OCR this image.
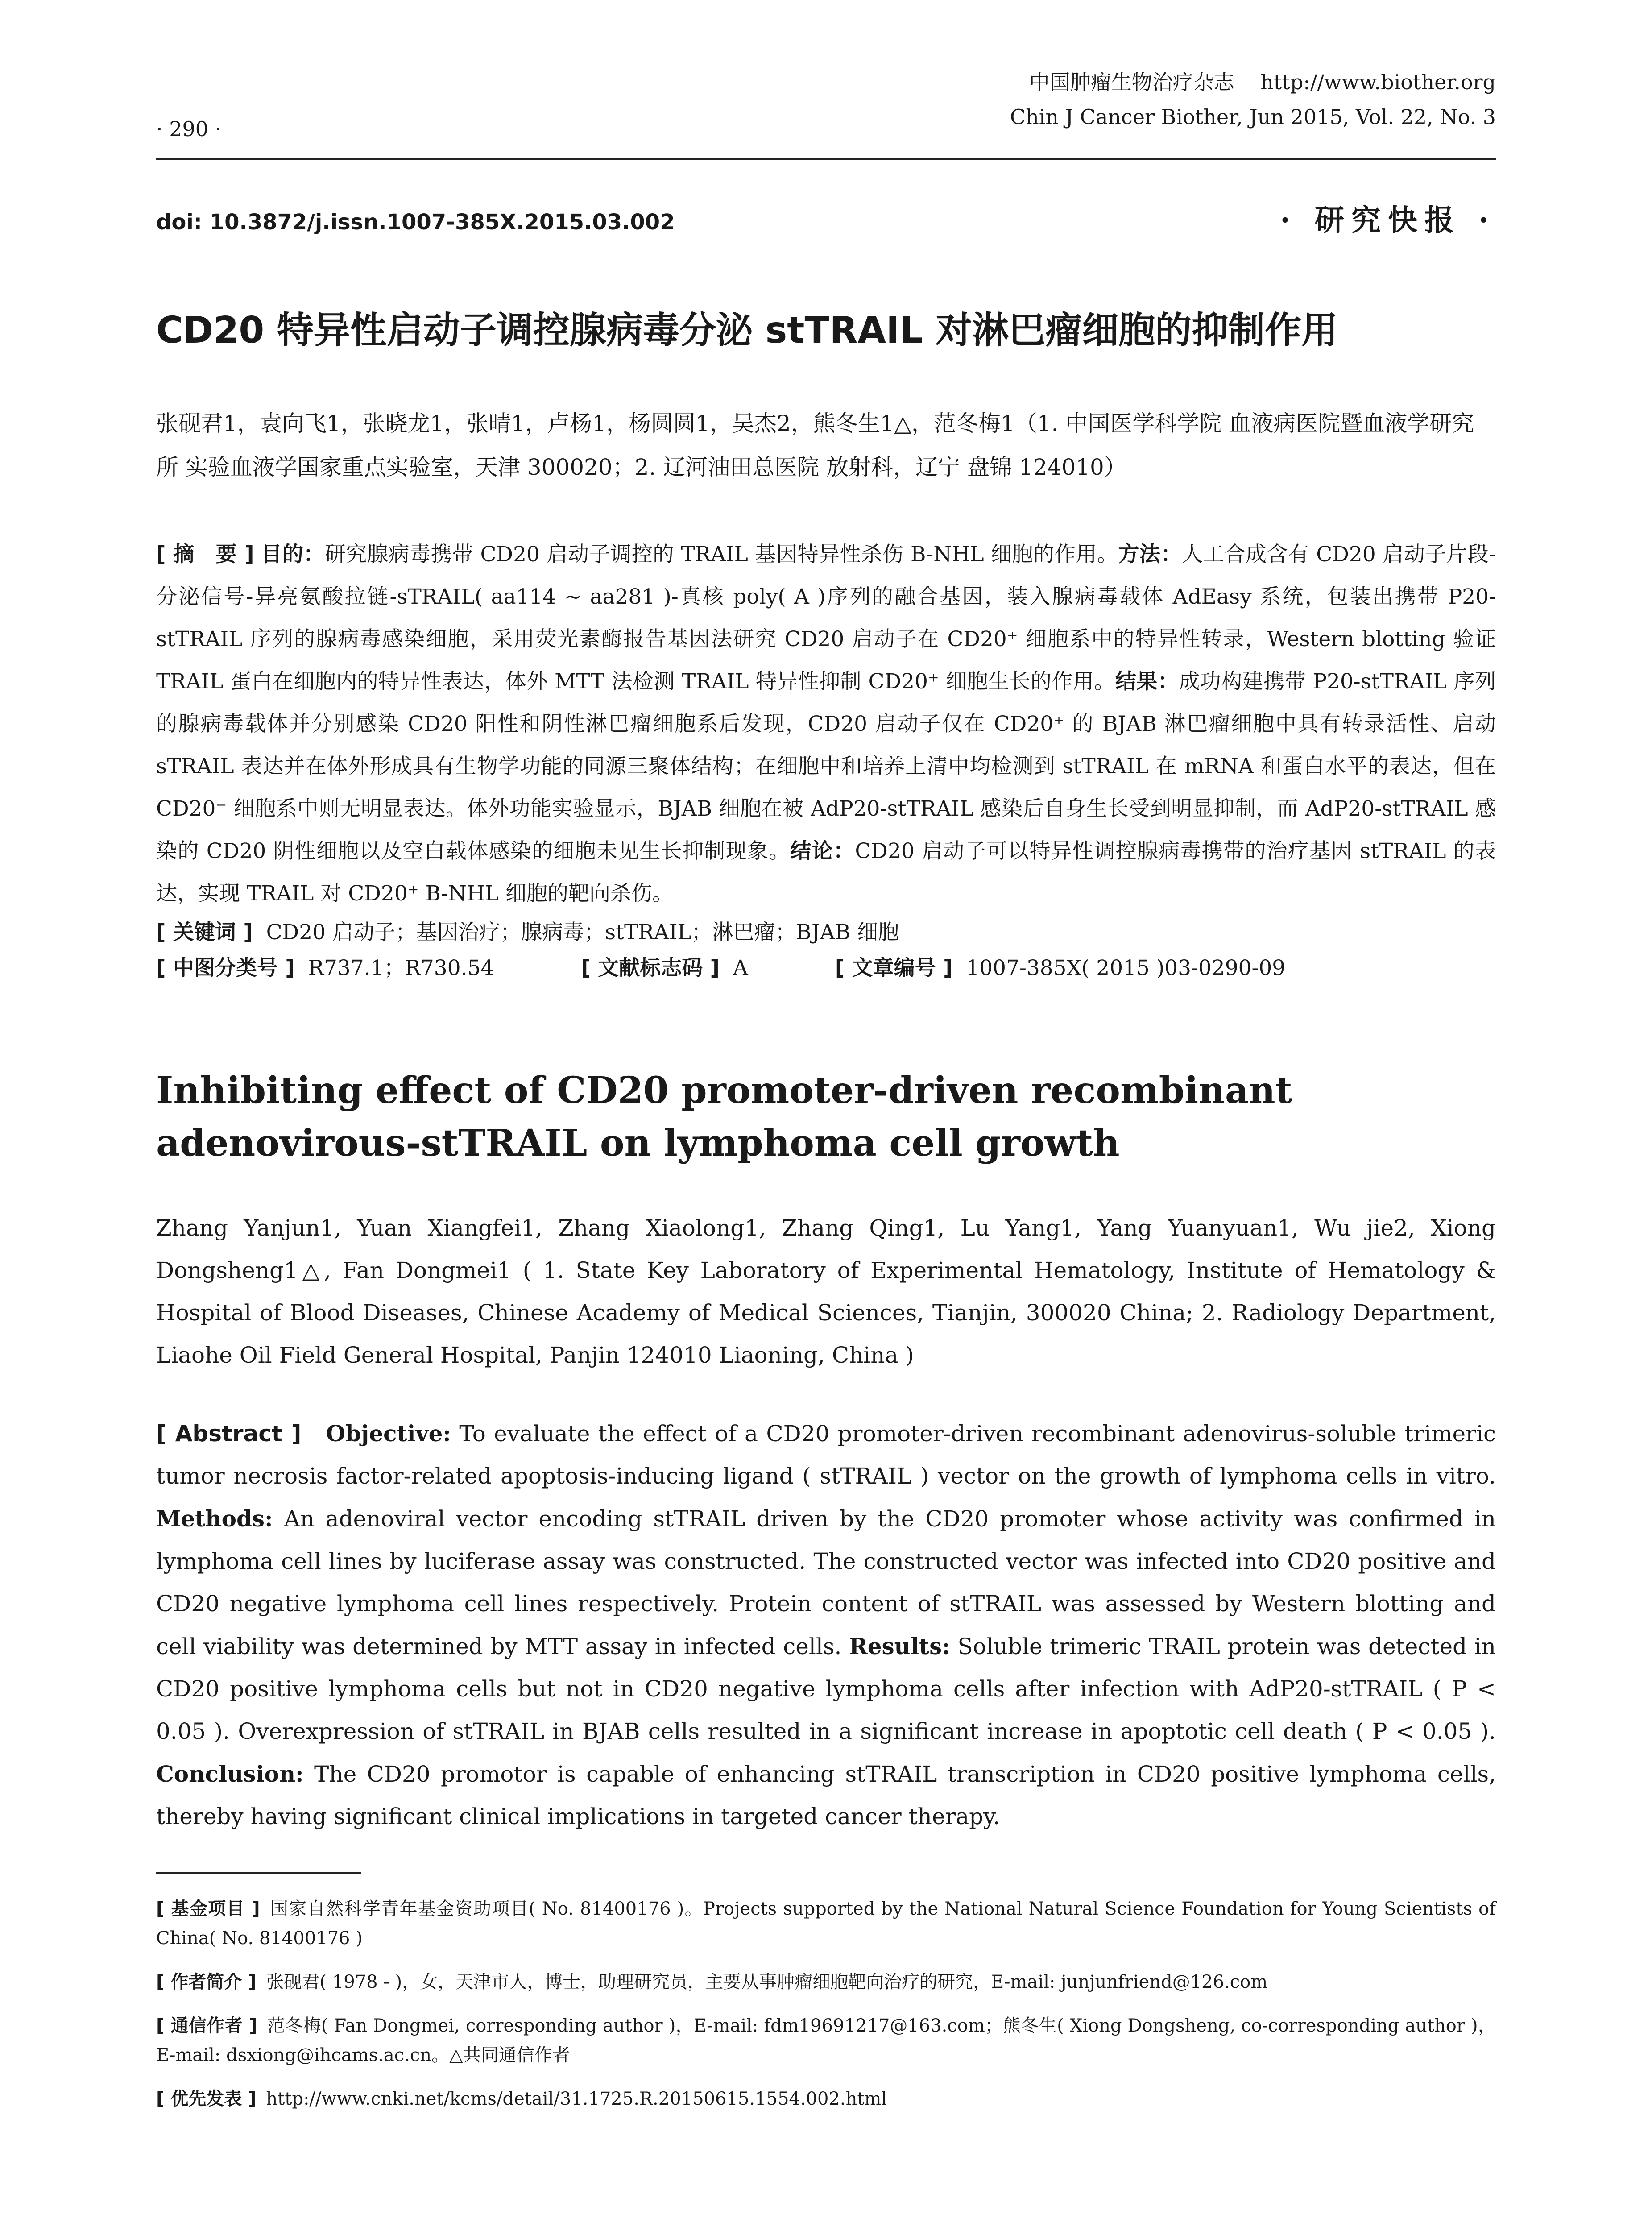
中国肿瘤生物治疗杂志 http://www.biother.org
Chin J Cancer Biother, Jun 2015, Vol. 22, No. 3
· 290 ·
doi: 10.3872/j.issn.1007-385X.2015.03.002	· 研究快报 ·
CD20 特异性启动子调控腺病毒分泌 stTRAIL 对淋巴瘤细胞的抑制作用
张砚君1，袁向飞1，张晓龙1，张晴1，卢杨1，杨圆圆1，吴杰2，熊冬生1△，范冬梅1（1. 中国医学科学院 血液病医院暨血液学研究所 实验血液学国家重点实验室，天津 300020；2. 辽河油田总医院 放射科，辽宁 盘锦 124010）

[ 摘　要 ] 目的：研究腺病毒携带 CD20 启动子调控的 TRAIL 基因特异性杀伤 B-NHL 细胞的作用。方法：人工合成含有 CD20 启动子片段-分泌信号-异亮氨酸拉链-sTRAIL( aa114 ~ aa281 )-真核 poly( A )序列的融合基因，装入腺病毒载体 AdEasy 系统，包装出携带 P20-stTRAIL 序列的腺病毒感染细胞，采用荧光素酶报告基因法研究 CD20 启动子在 CD20⁺ 细胞系中的特异性转录，Western blotting 验证 TRAIL 蛋白在细胞内的特异性表达，体外 MTT 法检测 TRAIL 特异性抑制 CD20⁺ 细胞生长的作用。结果：成功构建携带 P20-stTRAIL 序列的腺病毒载体并分别感染 CD20 阳性和阴性淋巴瘤细胞系后发现，CD20 启动子仅在 CD20⁺ 的 BJAB 淋巴瘤细胞中具有转录活性、启动 sTRAIL 表达并在体外形成具有生物学功能的同源三聚体结构；在细胞中和培养上清中均检测到 stTRAIL 在 mRNA 和蛋白水平的表达，但在 CD20⁻ 细胞系中则无明显表达。体外功能实验显示，BJAB 细胞在被 AdP20-stTRAIL 感染后自身生长受到明显抑制，而 AdP20-stTRAIL 感染的 CD20 阴性细胞以及空白载体感染的细胞未见生长抑制现象。结论：CD20 启动子可以特异性调控腺病毒携带的治疗基因 stTRAIL 的表达，实现 TRAIL 对 CD20⁺ B-NHL 细胞的靶向杀伤。

[ 关键词 ] CD20 启动子；基因治疗；腺病毒；stTRAIL；淋巴瘤；BJAB 细胞
[ 中图分类号 ] R737.1；R730.54	[ 文献标志码 ] A	[ 文章编号 ] 1007-385X( 2015 )03-0290-09
Inhibiting effect of CD20 promoter-driven recombinant adenovirous-stTRAIL on lymphoma cell growth
Zhang Yanjun1, Yuan Xiangfei1, Zhang Xiaolong1, Zhang Qing1, Lu Yang1, Yang Yuanyuan1, Wu jie2, Xiong Dongsheng1△, Fan Dongmei1 ( 1. State Key Laboratory of Experimental Hematology, Institute of Hematology & Hospital of Blood Diseases, Chinese Academy of Medical Sciences, Tianjin, 300020 China; 2. Radiology Department, Liaohe Oil Field General Hospital, Panjin 124010 Liaoning, China )

[ Abstract ] Objective: To evaluate the effect of a CD20 promoter-driven recombinant adenovirus-soluble trimeric tumor necrosis factor-related apoptosis-inducing ligand ( stTRAIL ) vector on the growth of lymphoma cells in vitro. Methods: An adenoviral vector encoding stTRAIL driven by the CD20 promoter whose activity was confirmed in lymphoma cell lines by luciferase assay was constructed. The constructed vector was infected into CD20 positive and CD20 negative lymphoma cell lines respectively. Protein content of stTRAIL was assessed by Western blotting and cell viability was determined by MTT assay in infected cells. Results: Soluble trimeric TRAIL protein was detected in CD20 positive lymphoma cells but not in CD20 negative lymphoma cells after infection with AdP20-stTRAIL ( P < 0.05 ). Overexpression of stTRAIL in BJAB cells resulted in a significant increase in apoptotic cell death ( P < 0.05 ). Conclusion: The CD20 promotor is capable of enhancing stTRAIL transcription in CD20 positive lymphoma cells, thereby having significant clinical implications in targeted cancer therapy.

[ 基金项目 ] 国家自然科学青年基金资助项目( No. 81400176 )。Projects supported by the National Natural Science Foundation for Young Scientists of China( No. 81400176 )

[ 作者简介 ] 张砚君( 1978 - )，女，天津市人，博士，助理研究员，主要从事肿瘤细胞靶向治疗的研究，E-mail: junjunfriend@126.com

[ 通信作者 ] 范冬梅( Fan Dongmei, corresponding author )，E-mail: fdm19691217@163.com；熊冬生( Xiong Dongsheng, co-corresponding author )，E-mail: dsxiong@ihcams.ac.cn。△共同通信作者

[ 优先发表 ] http://www.cnki.net/kcms/detail/31.1725.R.20150615.1554.002.html
